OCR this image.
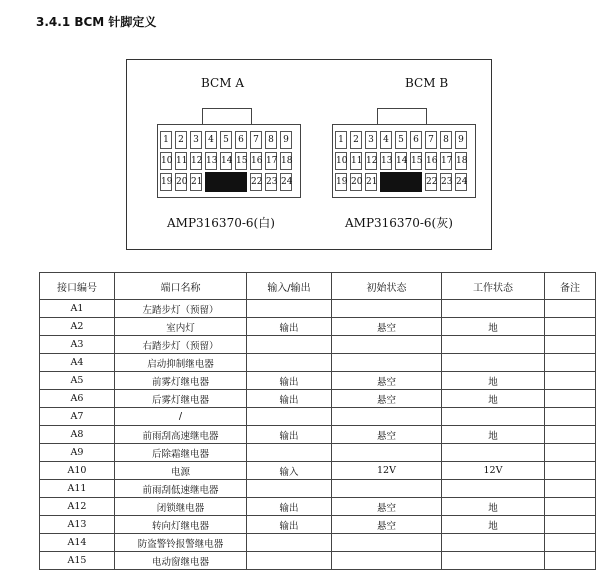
3.4.1 BCM 针脚定义
BCM A
1	2	3	4	5	6	7	8	9
10 11 12 13 14 15 16 17 18
19 20 21	22 23 24
AMP316370-6(白)
BCM B
1	2	3	4	5	6	7	8	9
10 11 12 13 14 15 16 17 18
19 20 21	22 23 24
AMP316370-6(灰)
接口编号	端口名称	输入/输出	初始状态	工作状态	备注
A1	左踏步灯（预留）				
A2	室内灯	输出	悬空	地	
A3	右踏步灯（预留）				
A4	启动抑制继电器				
A5	前雾灯继电器	输出	悬空	地	
A6	后雾灯继电器	输出	悬空	地	
A7	/				
A8	前雨刮高速继电器	输出	悬空	地	
A9	后除霜继电器				
A10	电源	输入	12V	12V	
A11	前雨刮低速继电器				
A12	闭锁继电器	输出	悬空	地	
A13	转向灯继电器	输出	悬空	地	
A14	防盗警铃报警继电器				
A15	电动窗继电器				
